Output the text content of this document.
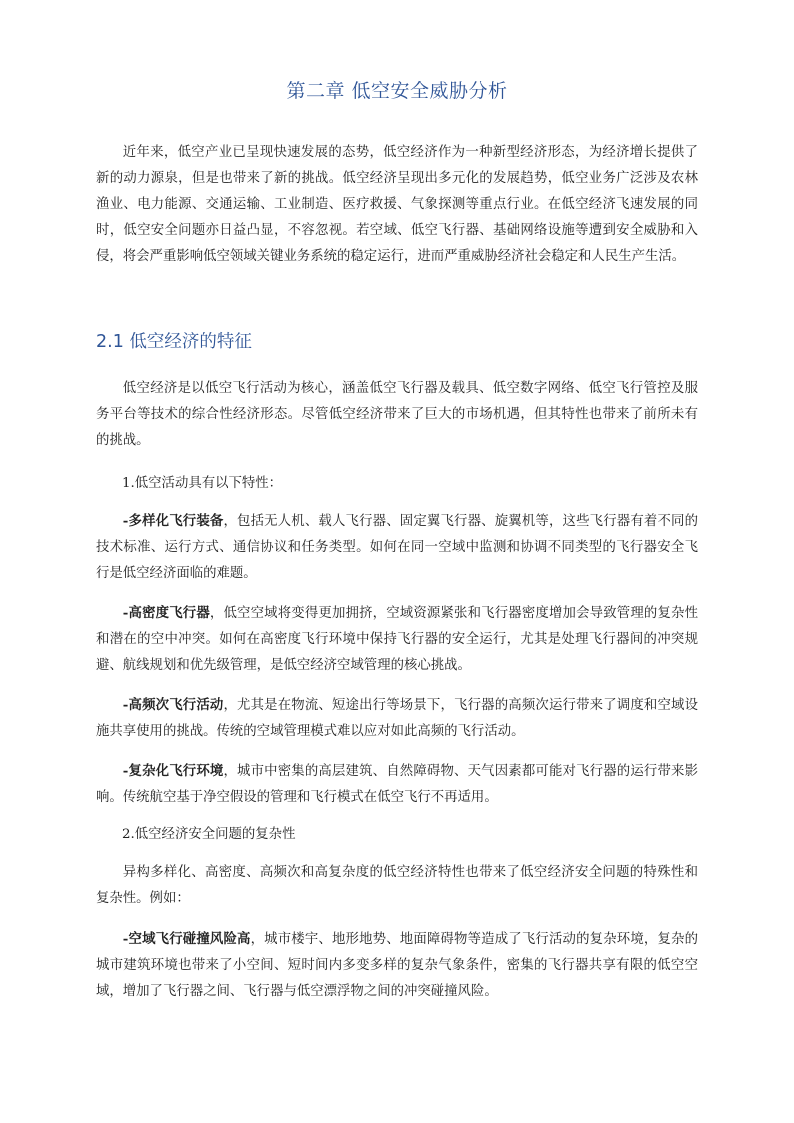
第二章 低空安全威胁分析

近年来，低空产业已呈现快速发展的态势，低空经济作为一种新型经济形态，为经济增长提供了新的动力源泉，但是也带来了新的挑战。低空经济呈现出多元化的发展趋势，低空业务广泛涉及农林渔业、电力能源、交通运输、工业制造、医疗救援、气象探测等重点行业。在低空经济飞速发展的同时，低空安全问题亦日益凸显，不容忽视。若空域、低空飞行器、基础网络设施等遭到安全威胁和入侵，将会严重影响低空领域关键业务系统的稳定运行，进而严重威胁经济社会稳定和人民生产生活。

2.1 低空经济的特征

低空经济是以低空飞行活动为核心，涵盖低空飞行器及载具、低空数字网络、低空飞行管控及服务平台等技术的综合性经济形态。尽管低空经济带来了巨大的市场机遇，但其特性也带来了前所未有的挑战。

1.低空活动具有以下特性：

-多样化飞行装备，包括无人机、载人飞行器、固定翼飞行器、旋翼机等，这些飞行器有着不同的技术标准、运行方式、通信协议和任务类型。如何在同一空域中监测和协调不同类型的飞行器安全飞行是低空经济面临的难题。

-高密度飞行器，低空空域将变得更加拥挤，空域资源紧张和飞行器密度增加会导致管理的复杂性和潜在的空中冲突。如何在高密度飞行环境中保持飞行器的安全运行，尤其是处理飞行器间的冲突规避、航线规划和优先级管理，是低空经济空域管理的核心挑战。

-高频次飞行活动，尤其是在物流、短途出行等场景下，飞行器的高频次运行带来了调度和空域设施共享使用的挑战。传统的空域管理模式难以应对如此高频的飞行活动。

-复杂化飞行环境，城市中密集的高层建筑、自然障碍物、天气因素都可能对飞行器的运行带来影响。传统航空基于净空假设的管理和飞行模式在低空飞行不再适用。

2.低空经济安全问题的复杂性

异构多样化、高密度、高频次和高复杂度的低空经济特性也带来了低空经济安全问题的特殊性和复杂性。例如：

-空域飞行碰撞风险高，城市楼宇、地形地势、地面障碍物等造成了飞行活动的复杂环境，复杂的城市建筑环境也带来了小空间、短时间内多变多样的复杂气象条件，密集的飞行器共享有限的低空空域，增加了飞行器之间、飞行器与低空漂浮物之间的冲突碰撞风险。
